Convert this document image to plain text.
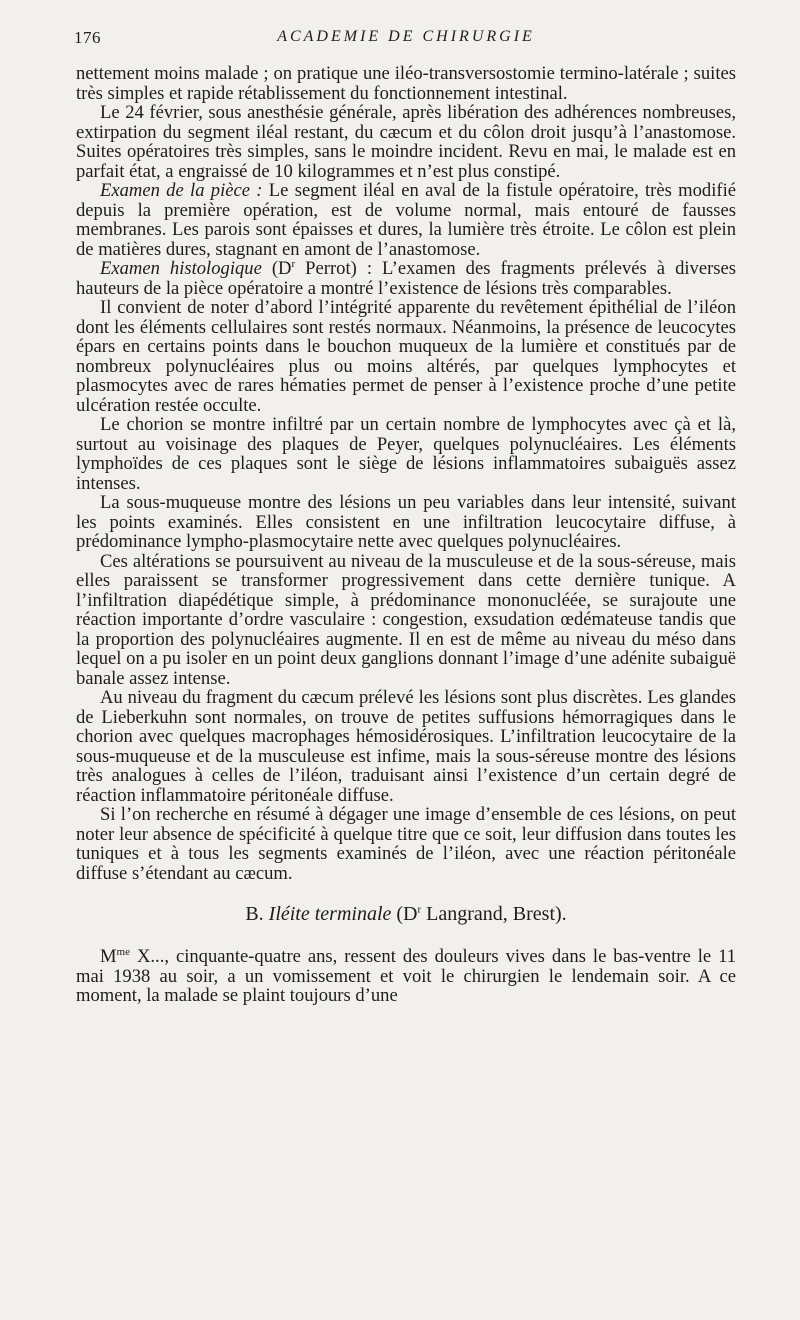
176	ACADEMIE DE CHIRURGIE

nettement moins malade ; on pratique une iléo-transversostomie termino-latérale ; suites très simples et rapide rétablissement du fonctionnement intestinal.

Le 24 février, sous anesthésie générale, après libération des adhérences nombreuses, extirpation du segment iléal restant, du cæcum et du côlon droit jusqu’à l’anastomose. Suites opératoires très simples, sans le moindre incident. Revu en mai, le malade est en parfait état, a engraissé de 10 kilogrammes et n’est plus constipé.

Examen de la pièce : Le segment iléal en aval de la fistule opératoire, très modifié depuis la première opération, est de volume normal, mais entouré de fausses membranes. Les parois sont épaisses et dures, la lumière très étroite. Le côlon est plein de matières dures, stagnant en amont de l’anastomose.

Examen histologique ($D^r$ Perrot) : L’examen des fragments prélevés à diverses hauteurs de la pièce opératoire a montré l’existence de lésions très comparables.

Il convient de noter d’abord l’intégrité apparente du revêtement épithélial de l’iléon dont les éléments cellulaires sont restés normaux. Néanmoins, la présence de leucocytes épars en certains points dans le bouchon muqueux de la lumière et constitués par de nombreux polynucléaires plus ou moins altérés, par quelques lymphocytes et plasmocytes avec de rares hématies permet de penser à l’existence proche d’une petite ulcération restée occulte.

Le chorion se montre infiltré par un certain nombre de lymphocytes avec çà et là, surtout au voisinage des plaques de Peyer, quelques polynucléaires. Les éléments lymphoïdes de ces plaques sont le siège de lésions inflammatoires subaiguës assez intenses.

La sous-muqueuse montre des lésions un peu variables dans leur intensité, suivant les points examinés. Elles consistent en une infiltration leucocytaire diffuse, à prédominance lympho-plasmocytaire nette avec quelques polynucléaires.

Ces altérations se poursuivent au niveau de la musculeuse et de la sous-séreuse, mais elles paraissent se transformer progressivement dans cette dernière tunique. A l’infiltration diapédétique simple, à prédominance mononucléée, se surajoute une réaction importante d’ordre vasculaire : congestion, exsudation œdémateuse tandis que la proportion des polynucléaires augmente. Il en est de même au niveau du méso dans lequel on a pu isoler en un point deux ganglions donnant l’image d’une adénite subaiguë banale assez intense.

Au niveau du fragment du cæcum prélevé les lésions sont plus discrètes. Les glandes de Lieberkuhn sont normales, on trouve de petites suffusions hémorragiques dans le chorion avec quelques macrophages hémosidérosiques. L’infiltration leucocytaire de la sous-muqueuse et de la musculeuse est infime, mais la sous-séreuse montre des lésions très analogues à celles de l’iléon, traduisant ainsi l’existence d’un certain degré de réaction inflammatoire péritonéale diffuse.

Si l’on recherche en résumé à dégager une image d’ensemble de ces lésions, on peut noter leur absence de spécificité à quelque titre que ce soit, leur diffusion dans toutes les tuniques et à tous les segments examinés de l’iléon, avec une réaction péritonéale diffuse s’étendant au cæcum.

B. Iléite terminale ($D^r$ Langrand, Brest).

$M^{me}$ X..., cinquante-quatre ans, ressent des douleurs vives dans le bas-ventre le 11 mai 1938 au soir, a un vomissement et voit le chirurgien le lendemain soir. A ce moment, la malade se plaint toujours d’une
